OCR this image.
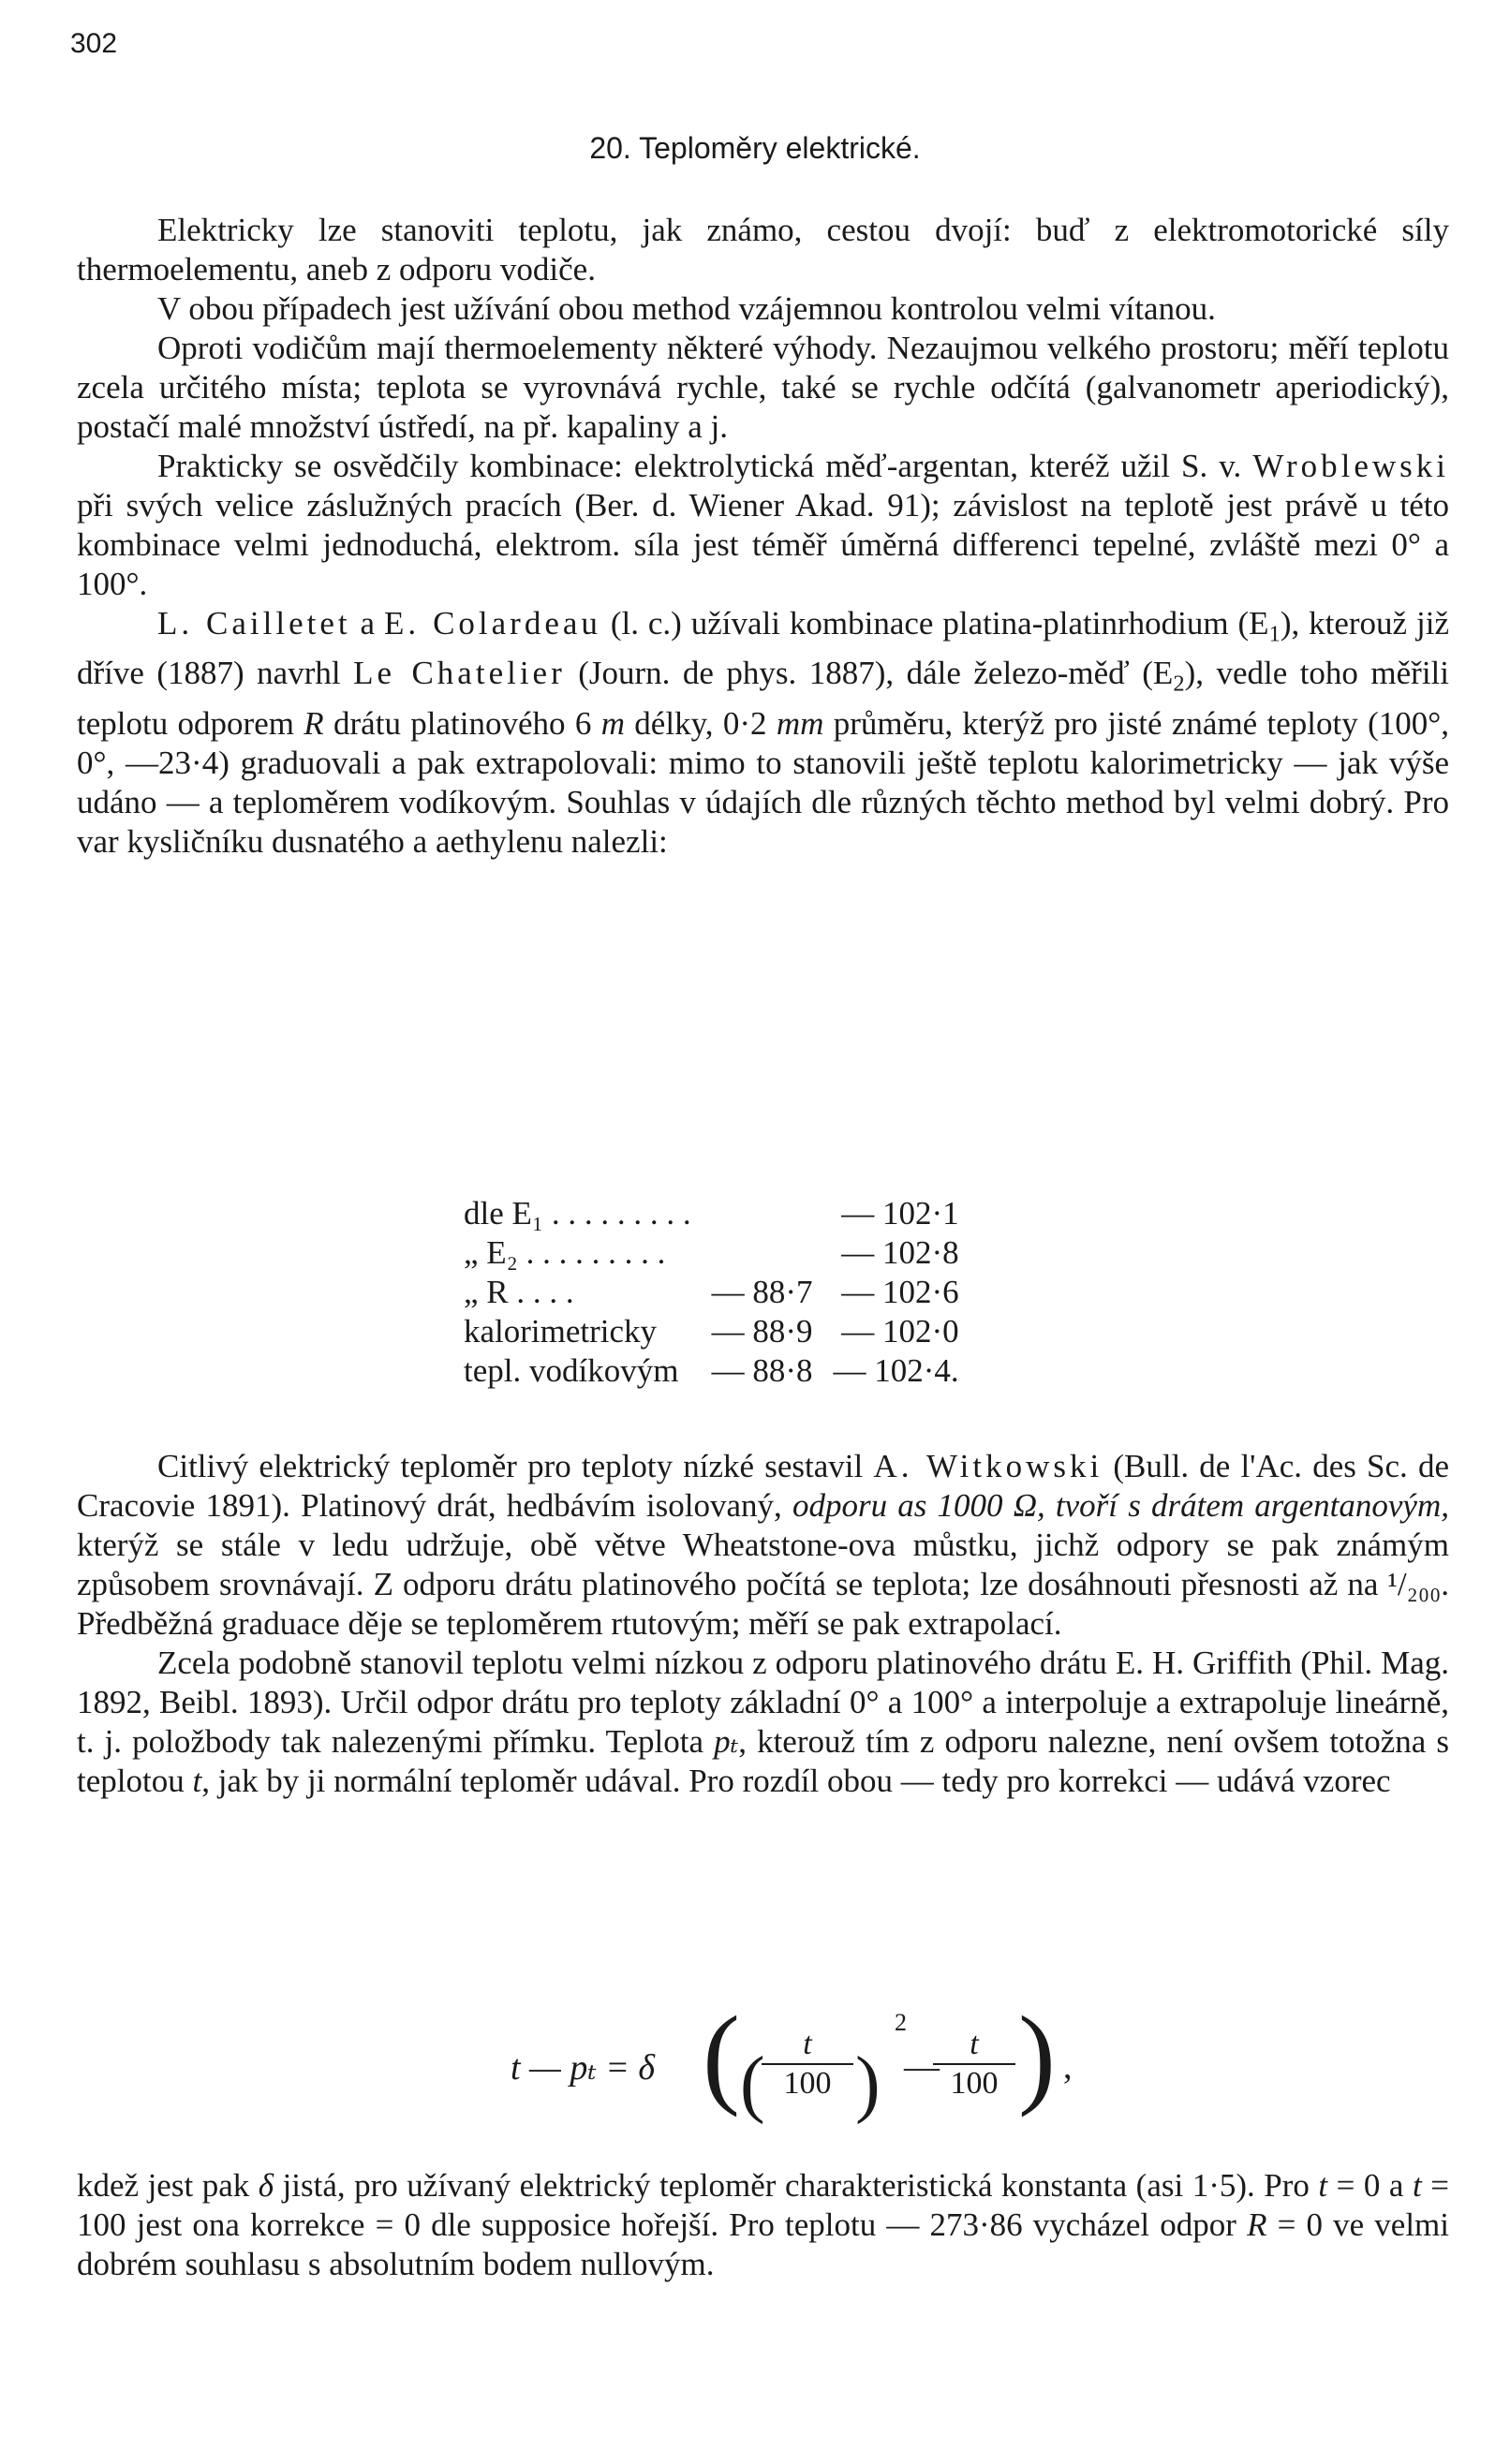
302
20. Teploměry elektrické.

Elektricky lze stanoviti teplotu, jak známo, cestou dvojí: buď z elektromotorické síly thermoelementu, aneb z odporu vodiče.

V obou případech jest užívání obou method vzájemnou kontrolou velmi vítanou.

Oproti vodičům mají thermoelementy některé výhody. Nezaujmou velkého prostoru; měří teplotu zcela určitého místa; teplota se vyrovnává rychle, také se rychle odčítá (galvanometr aperiodický), postačí malé množství ústředí, na př. kapaliny a j.

Prakticky se osvědčily kombinace: elektrolytická měď-argentan, kteréž užil S. v. Wroblewski při svých velice záslužných pracích (Ber. d. Wiener Akad. 91); závislost na teplotě jest právě u této kombinace velmi jednoduchá, elektrom. síla jest téměř úměrná differenci tepelné, zvláště mezi 0° a 100°.

L. Cailletet a E. Colardeau (l. c.) užívali kombinace platina-platinrhodium $(E_1)$, kterouž již dříve (1887) navrhl Le Chatelier (Journ. de phys. 1887), dále železo-měď $(E_2)$, vedle toho měřili teplotu odporem R drátu platinového 6 m délky, 0·2 mm průměru, kterýž pro jisté známé teploty (100°, 0°, —23·4) graduovali a pak extrapolovali: mimo to stanovili ještě teplotu kalorimetricky — jak výše udáno — a teploměrem vodíkovým. Souhlas v údajích dle různých těchto method byl velmi dobrý. Pro var kysličníku dusnatého a aethylenu nalezli:

dle E₁ . . . . . . . . .		— 102·1
„ E₂ . . . . . . . . .		— 102·8
„ R . . . .	— 88·7	— 102·6
kalorimetricky	— 88·9	— 102·0
tepl. vodíkovým	— 88·8	— 102·4.

Citlivý elektrický teploměr pro teploty nízké sestavil A. Witkowski (Bull. de l'Ac. des Sc. de Cracovie 1891). Platinový drát, hedbávím isolovaný, odporu as 1000 Ω, tvoří s drátem argentanovým, kterýž se stále v ledu udržuje, obě větve Wheatstone-ova můstku, jichž odpory se pak známým způsobem srovnávají. Z odporu drátu platinového počítá se teplota; lze dosáhnouti přesnosti až na ¹/₂₀₀. Předběžná graduace děje se teploměrem rtutovým; měří se pak extrapolací.

Zcela podobně stanovil teplotu velmi nízkou z odporu platinového drátu E. H. Griffith (Phil. Mag. 1892, Beibl. 1893). Určil odpor drátu pro teploty základní 0° a 100° a interpoluje a extrapoluje lineárně, t. j. položbody tak nalezenými přímku. Teplota pₜ, kterouž tím z odporu nalezne, není ovšem totožna s teplotou t, jak by ji normální teploměr udával. Pro rozdíl obou — tedy pro korrekci — udává vzorec

t — pₜ = δ ( (	t
100 )
2
—
t
100 ) ,

kdež jest pak δ jistá, pro užívaný elektrický teploměr charakteristická konstanta (asi 1·5). Pro t = 0 a t = 100 jest ona korrekce = 0 dle supposice hořejší. Pro teplotu — 273·86 vycházel odpor R = 0 ve velmi dobrém souhlasu s absolutním bodem nullovým.
